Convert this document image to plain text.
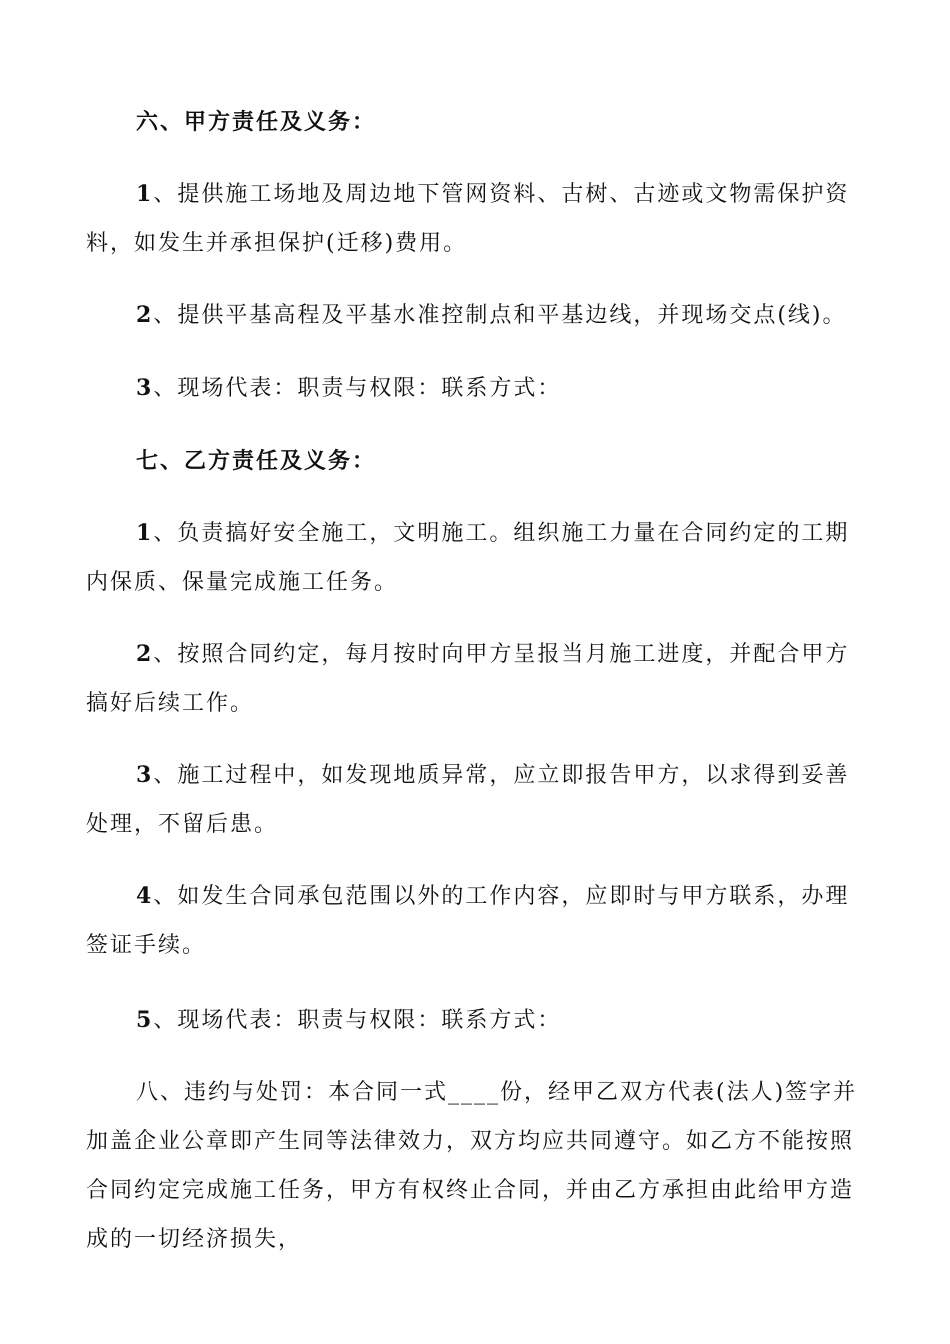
六、甲方责任及义务：

1、提供施工场地及周边地下管网资料、古树、古迹或文物需保护资料，如发生并承担保护(迁移)费用。

2、提供平基高程及平基水准控制点和平基边线，并现场交点(线)。

3、现场代表：职责与权限：联系方式：

七、乙方责任及义务：

1、负责搞好安全施工，文明施工。组织施工力量在合同约定的工期内保质、保量完成施工任务。

2、按照合同约定，每月按时向甲方呈报当月施工进度，并配合甲方搞好后续工作。

3、施工过程中，如发现地质异常，应立即报告甲方，以求得到妥善处理，不留后患。

4、如发生合同承包范围以外的工作内容，应即时与甲方联系，办理签证手续。

5、现场代表：职责与权限：联系方式：

八、违约与处罚：本合同一式____份，经甲乙双方代表(法人)签字并加盖企业公章即产生同等法律效力，双方均应共同遵守。如乙方不能按照合同约定完成施工任务，甲方有权终止合同，并由乙方承担由此给甲方造成的一切经济损失，
